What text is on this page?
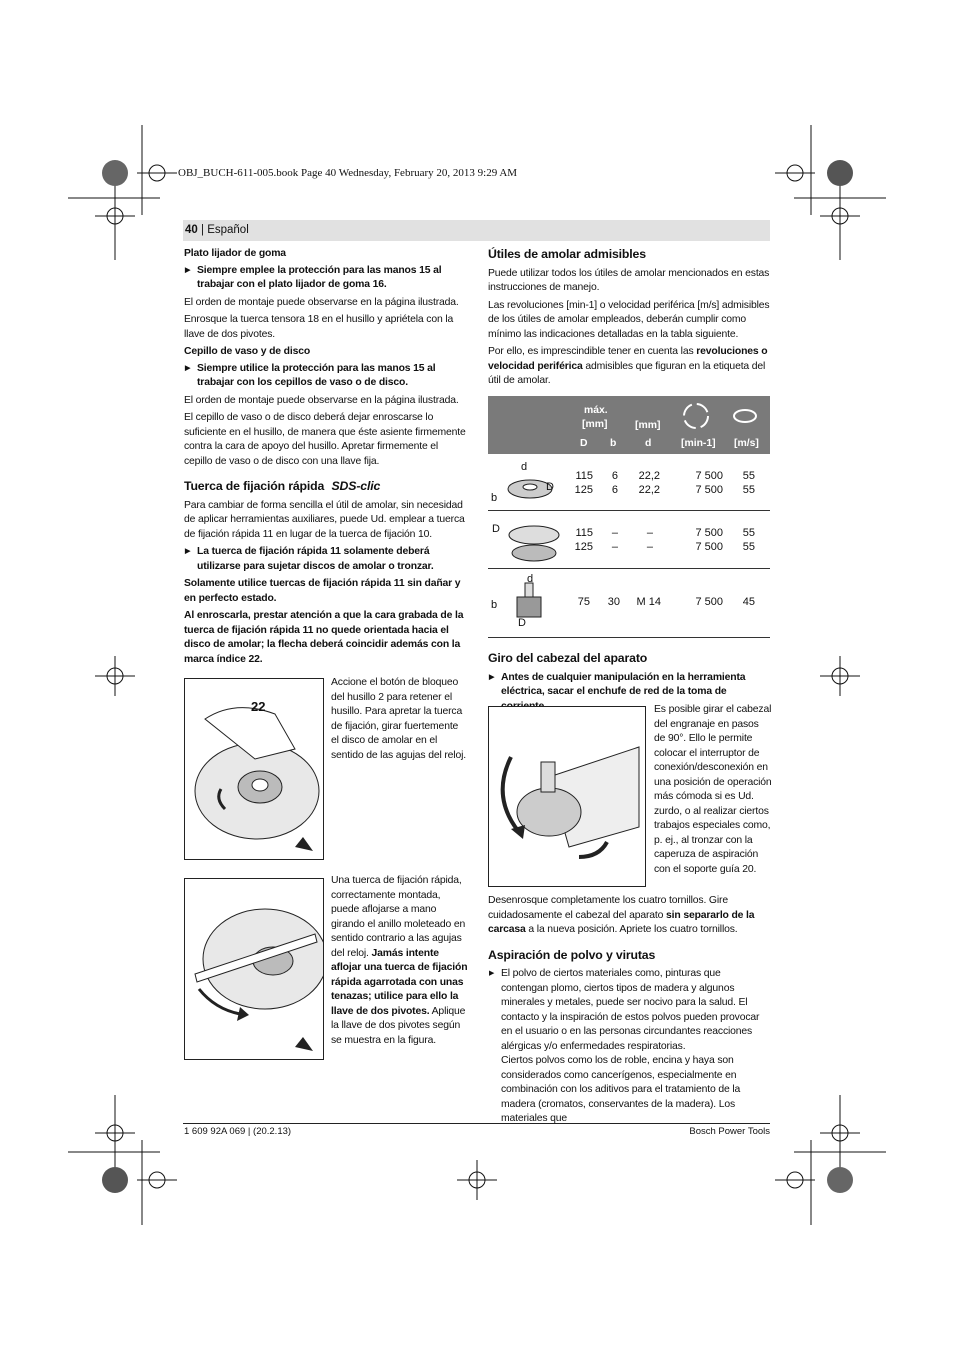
OBJ_BUCH-611-005.book Page 40 Wednesday, February 20, 2013 9:29 AM
40 | Español
Plato lijador de goma
▶ Siempre emplee la protección para las manos 15 al trabajar con el plato lijador de goma 16.

El orden de montaje puede observarse en la página ilustrada.

Enrosque la tuerca tensora 18 en el husillo y apriétela con la llave de dos pivotes.

Cepillo de vaso y de disco
▶ Siempre utilice la protección para las manos 15 al trabajar con los cepillos de vaso o de disco.

El orden de montaje puede observarse en la página ilustrada.

El cepillo de vaso o de disco deberá dejar enroscarse lo suficiente en el husillo, de manera que éste asiente firmemente contra la cara de apoyo del husillo. Apretar firmemente el cepillo de vaso o de disco con una llave fija.

Tuerca de fijación rápida SDS-clic

Para cambiar de forma sencilla el útil de amolar, sin necesidad de aplicar herramientas auxiliares, puede Ud. emplear a tuerca de fijación rápida 11 en lugar de la tuerca de fijación 10.

▶ La tuerca de fijación rápida 11 solamente deberá utilizarse para sujetar discos de amolar o tronzar.

Solamente utilice tuercas de fijación rápida 11 sin dañar y en perfecto estado.

Al enroscarla, prestar atención a que la cara grabada de la tuerca de fijación rápida 11 no quede orientada hacia el disco de amolar; la flecha deberá coincidir además con la marca índice 22.

22
Accione el botón de bloqueo del husillo 2 para retener el husillo. Para apretar la tuerca de fijación, girar fuertemente el disco de amolar en el sentido de las agujas del reloj.
Una tuerca de fijación rápida, correctamente montada, puede aflojarse a mano girando el anillo moleteado en sentido contrario a las agujas del reloj. Jamás intente aflojar una tuerca de fijación rápida agarrotada con unas tenazas; utilice para ello la llave de dos pivotes. Aplique la llave de dos pivotes según se muestra en la figura.
Útiles de amolar admisibles

Puede utilizar todos los útiles de amolar mencionados en estas instrucciones de manejo.

Las revoluciones [min-1] o velocidad periférica [m/s] admisibles de los útiles de amolar empleados, deberán cumplir como mínimo las indicaciones detalladas en la tabla siguiente.

Por ello, es imprescindible tener en cuenta las revoluciones o velocidad periférica admisibles que figuran en la etiqueta del útil de amolar.

máx.
[mm]	[mm]
D b	d	[min-1] [m/s]
d
b
D
115	6	22,2	7 500	55
125	6	22,2	7 500	55
D	115	–	–	7 500	55
125	–	–	7 500	55
d
b
D
75	30	M 14	7 500	45
Giro del cabezal del aparato
▶ Antes de cualquier manipulación en la herramienta eléctrica, sacar el enchufe de red de la toma de
Es posible girar el cabezal del engranaje en pasos de 90°. Ello le permite colocar el interruptor de conexión/desconexión en una posición de operación más cómoda si es Ud. zurdo, o al realizar ciertos trabajos especiales como, p. ej., al tronzar con la caperuza de aspiración con el soporte guía 20.

Desenrosque completamente los cuatro tornillos. Gire cuidadosamente el cabezal del aparato sin separarlo de la carcasa a la nueva posición. Apriete los cuatro tornillos.

Aspiración de polvo y virutas
▶ El polvo de ciertos materiales como, pinturas que contengan plomo, ciertos tipos de madera y algunos minerales y metales, puede ser nocivo para la salud. El contacto y la inspiración de estos polvos pueden provocar en el usuario o en las personas circundantes reacciones alérgicas y/o enfermedades respiratorias.
Ciertos polvos como los de roble, encina y haya son considerados como cancerígenos, especialmente en combinación con los aditivos para el tratamiento de la madera (cromatos, conservantes de la madera). Los materiales que
1 609 92A 069 | (20.2.13)	Bosch Power Tools
